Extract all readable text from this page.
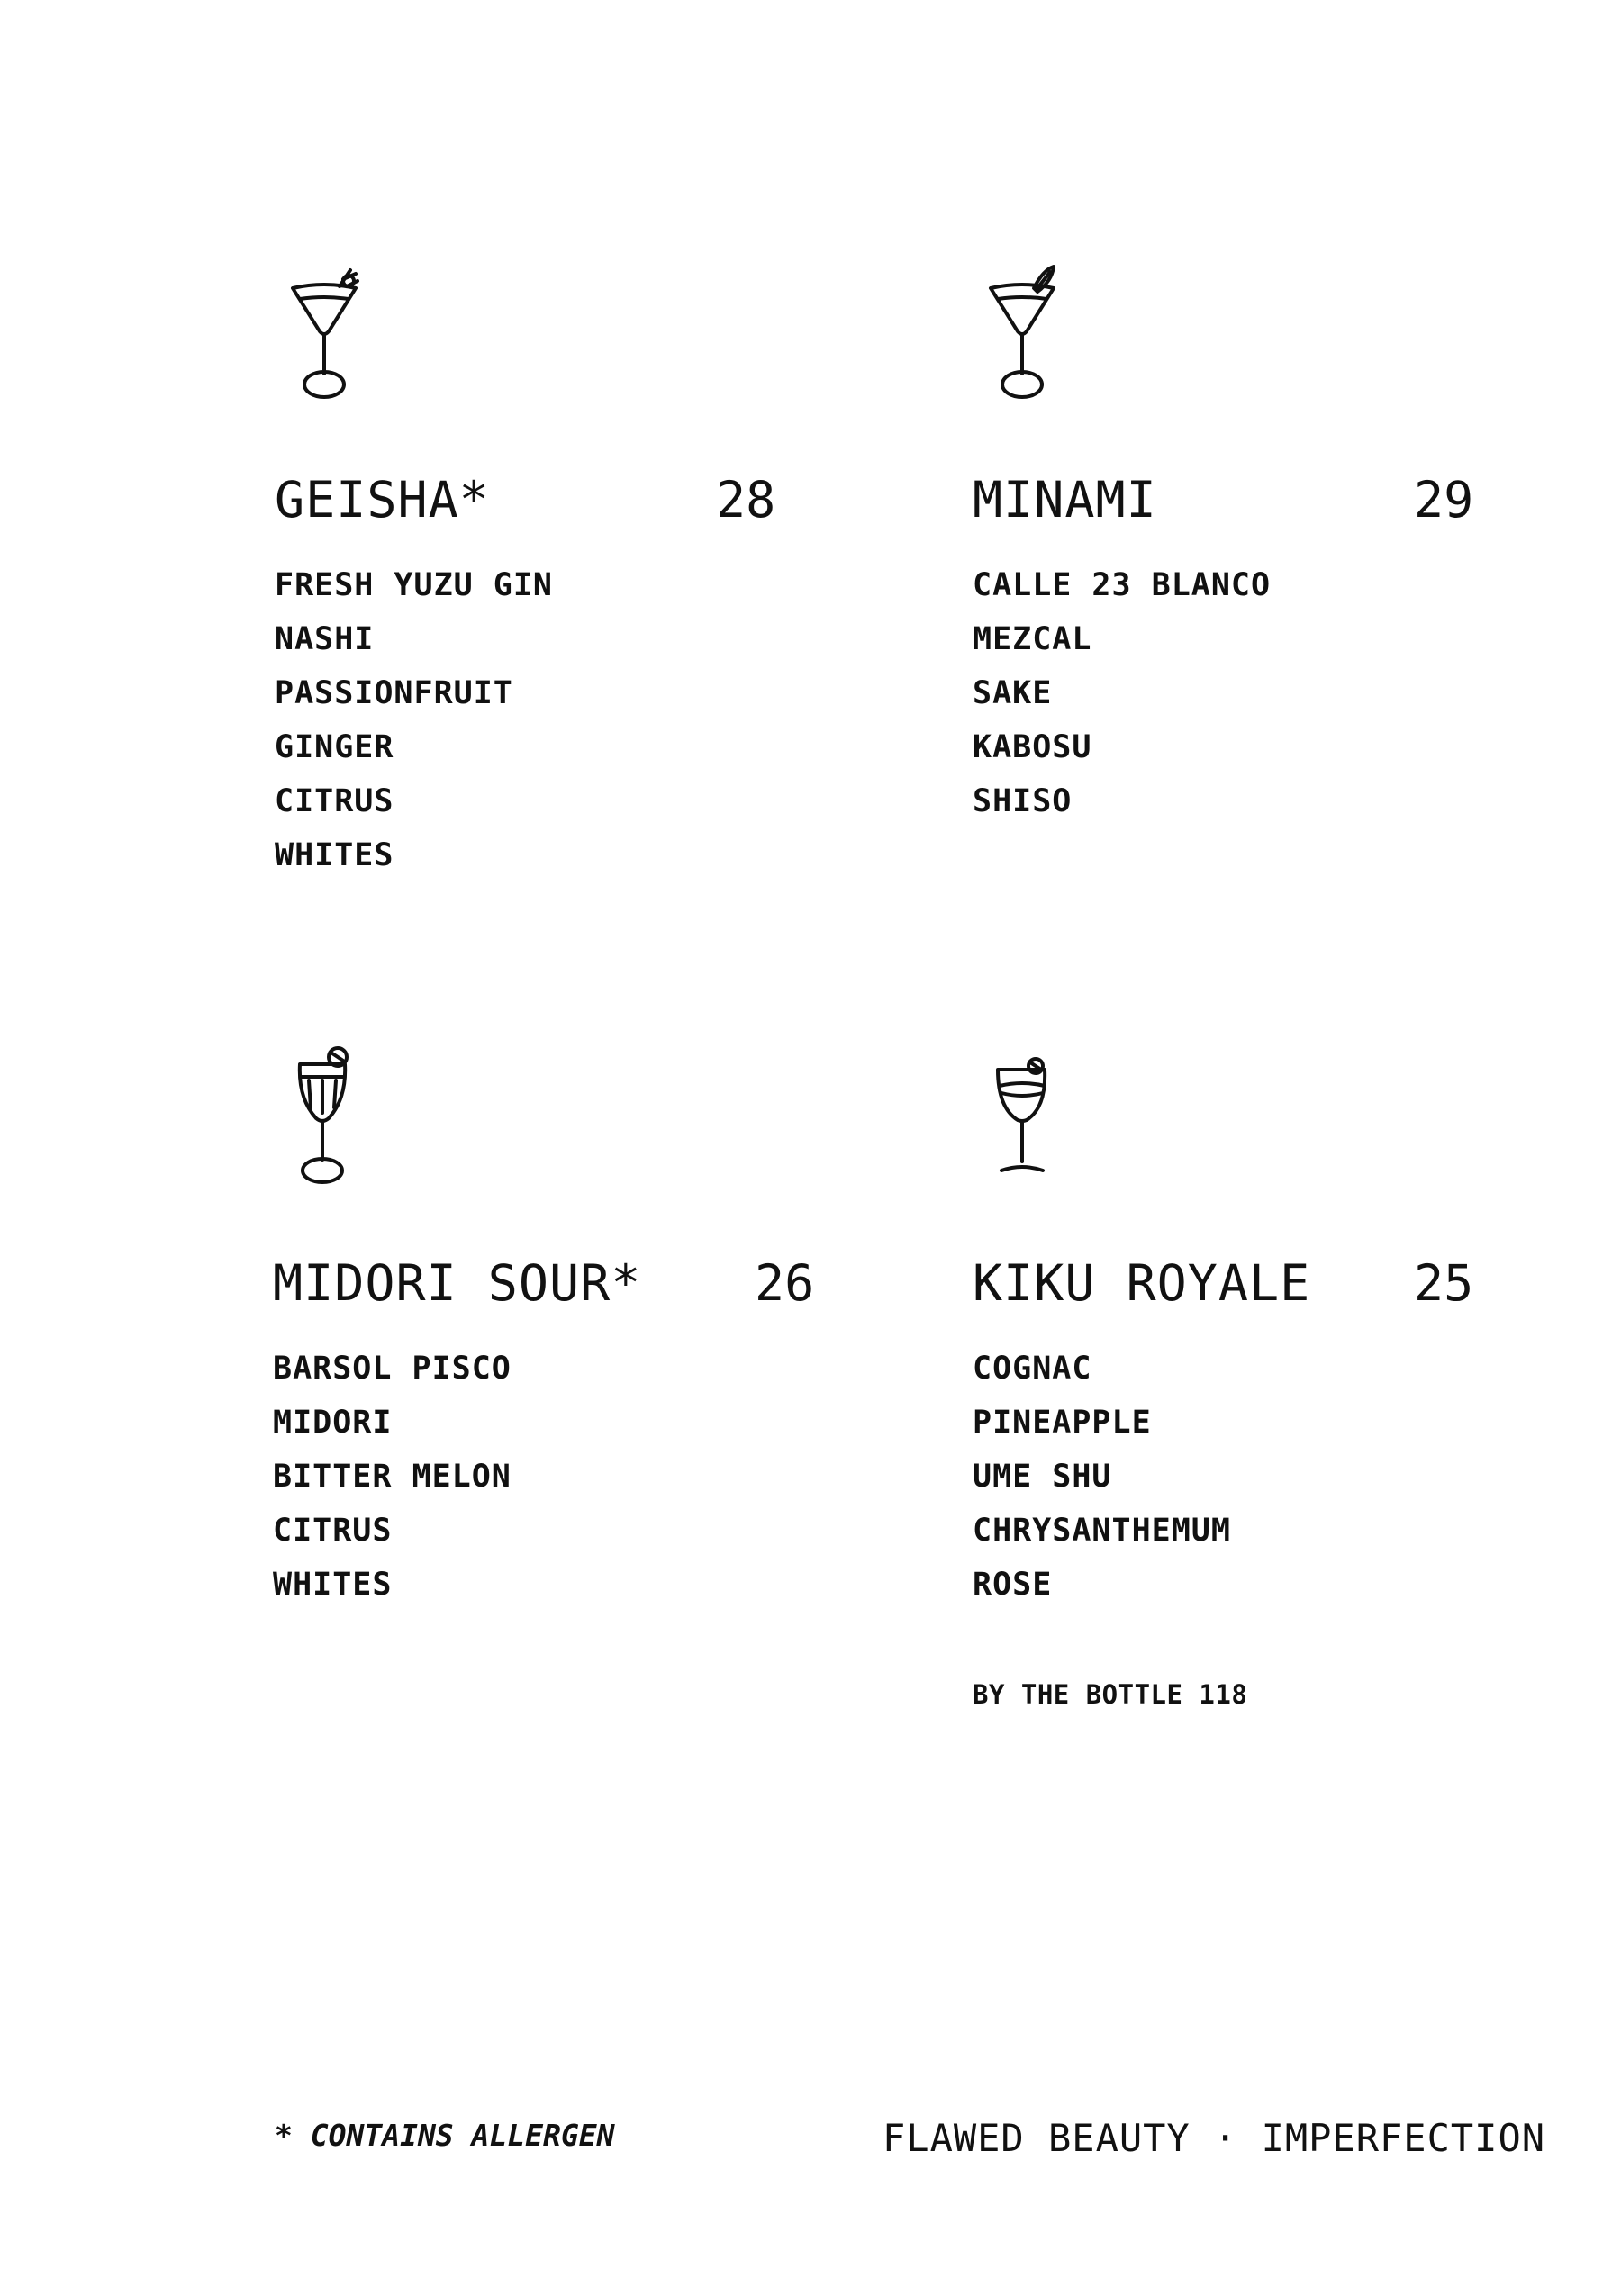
GEISHA*	28
FRESH YUZU GIN
NASHI
PASSIONFRUIT
GINGER
CITRUS
WHITES
MINAMI	29
CALLE 23 BLANCO
MEZCAL
SAKE
KABOSU
SHISO
MIDORI SOUR* 26
BARSOL PISCO
MIDORI
BITTER MELON
CITRUS
WHITES
KIKU ROYALE 25
COGNAC
PINEAPPLE
UME SHU
CHRYSANTHEMUM
ROSE
BY THE BOTTLE 118
* CONTAINS ALLERGEN	FLAWED BEAUTY · IMPERFECTION
